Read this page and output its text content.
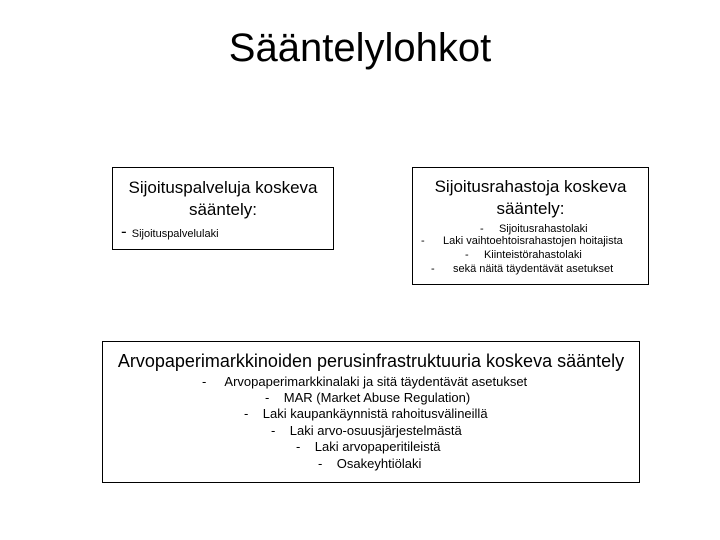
Sääntelylohkot
Sijoituspalveluja koskeva
sääntely:
- Sijoituspalvelulaki
Sijoitusrahastoja koskeva
sääntely:
- Sijoitusrahastolaki
- Laki vaihtoehtoisrahastojen hoitajista
- Kiinteistörahastolaki
- sekä näitä täydentävät asetukset
Arvopaperimarkkinoiden perusinfrastruktuuria koskeva sääntely
- Arvopaperimarkkinalaki ja sitä täydentävät asetukset
- MAR (Market Abuse Regulation)
- Laki kaupankäynnistä rahoitusvälineillä
- Laki arvo-osuusjärjestelmästä
- Laki arvopaperitileistä
- Osakeyhtiölaki
